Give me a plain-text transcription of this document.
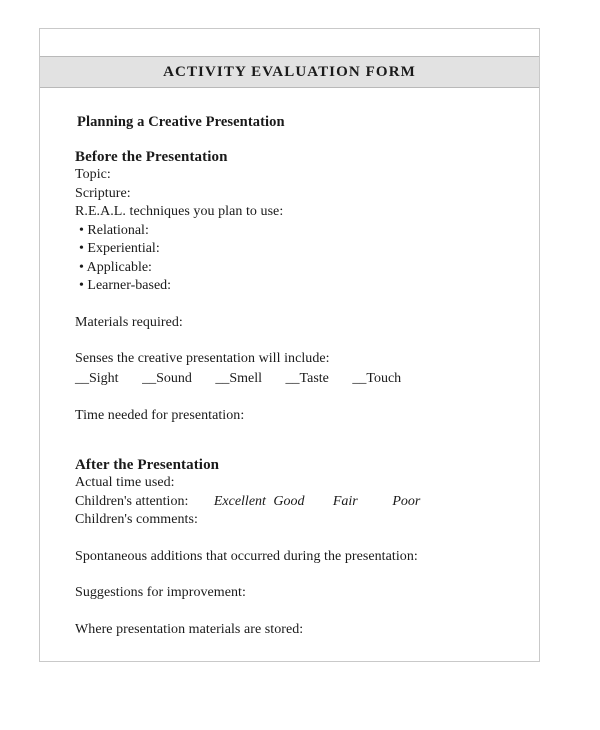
ACTIVITY EVALUATION FORM
Planning a Creative Presentation
Before the Presentation
Topic:
Scripture:
R.E.A.L. techniques you plan to use:
• Relational:
• Experiential:
• Applicable:
• Learner-based:
Materials required:
Senses the creative presentation will include:
__Sight __Sound __Smell __Taste __Touch
Time needed for presentation:
After the Presentation
Actual time used:
Children's attention: Excellent Good Fair Poor
Children's comments:
Spontaneous additions that occurred during the presentation:
Suggestions for improvement:
Where presentation materials are stored:
